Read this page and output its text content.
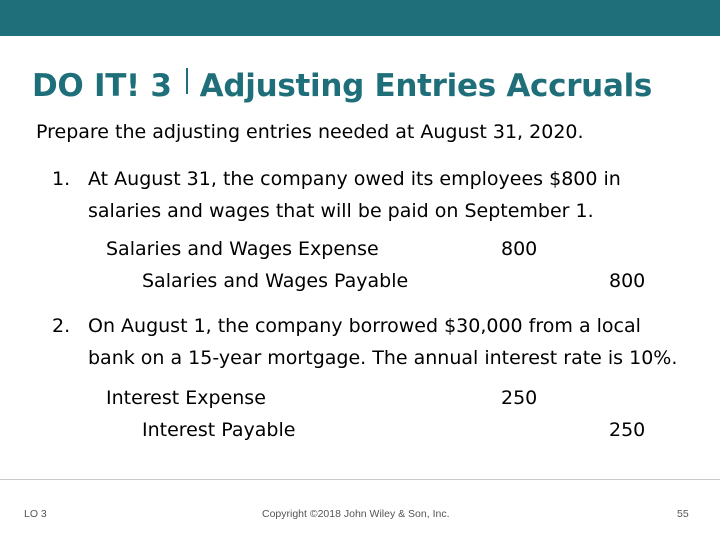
DO IT! 3 Adjusting Entries Accruals
Prepare the adjusting entries needed at August 31, 2020.
1. At August 31, the company owed its employees $800 in
salaries and wages that will be paid on September 1.
Salaries and Wages Expense
Salaries and Wages Payable
800
800
2. On August 1, the company borrowed $30,000 from a local
bank on a 15-year mortgage. The annual interest rate is 10%.
Interest Expense
Interest Payable
250
250
LO 3	Copyright ©2018 John Wiley & Son, Inc.	55
